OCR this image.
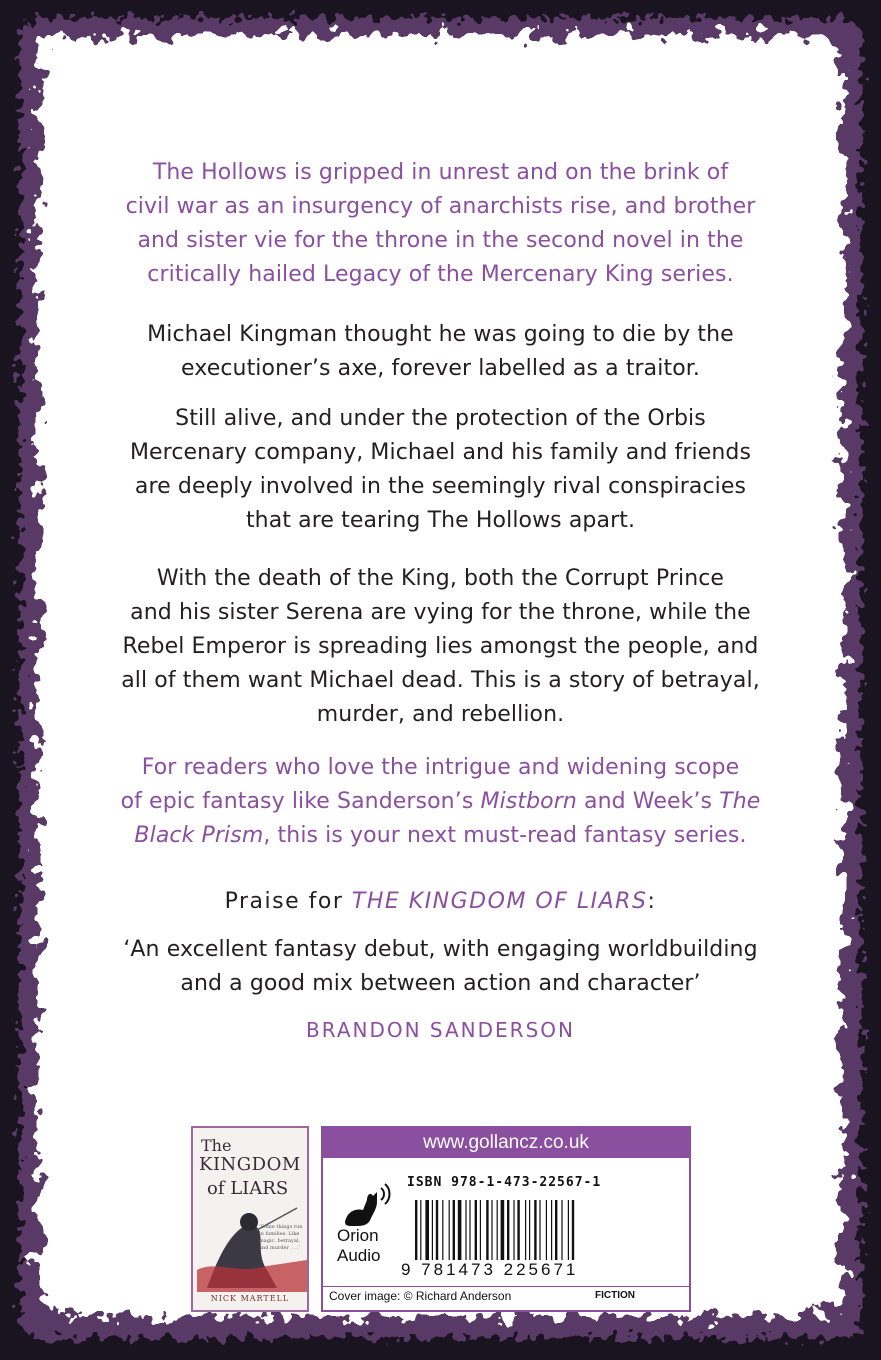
The Hollows is gripped in unrest and on the brink of
civil war as an insurgency of anarchists rise, and brother
and sister vie for the throne in the second novel in the
critically hailed Legacy of the Mercenary King series.
Michael Kingman thought he was going to die by the
executioner’s axe, forever labelled as a traitor.
Still alive, and under the protection of the Orbis
Mercenary company, Michael and his family and friends
are deeply involved in the seemingly rival conspiracies
that are tearing The Hollows apart.
With the death of the King, both the Corrupt Prince
and his sister Serena are vying for the throne, while the
Rebel Emperor is spreading lies amongst the people, and
all of them want Michael dead. This is a story of betrayal,
murder, and rebellion.
For readers who love the intrigue and widening scope
of epic fantasy like Sanderson’s Mistborn and Week’s The
Black Prism, this is your next must-read fantasy series.
Praise for THE KINGDOM OF LIARS:
‘An excellent fantasy debut, with engaging worldbuilding
and a good mix between action and character’
BRANDON SANDERSON
The
KINGDOM
of LIARS
‘Some things run in families. Like magic, betrayal, and murder . . .’
NICK MARTELL
www.gollancz.co.uk
Orion
Audio
ISBN 978-1-473-22567-1
9 781473 225671
Cover image: © Richard Anderson	FICTION
